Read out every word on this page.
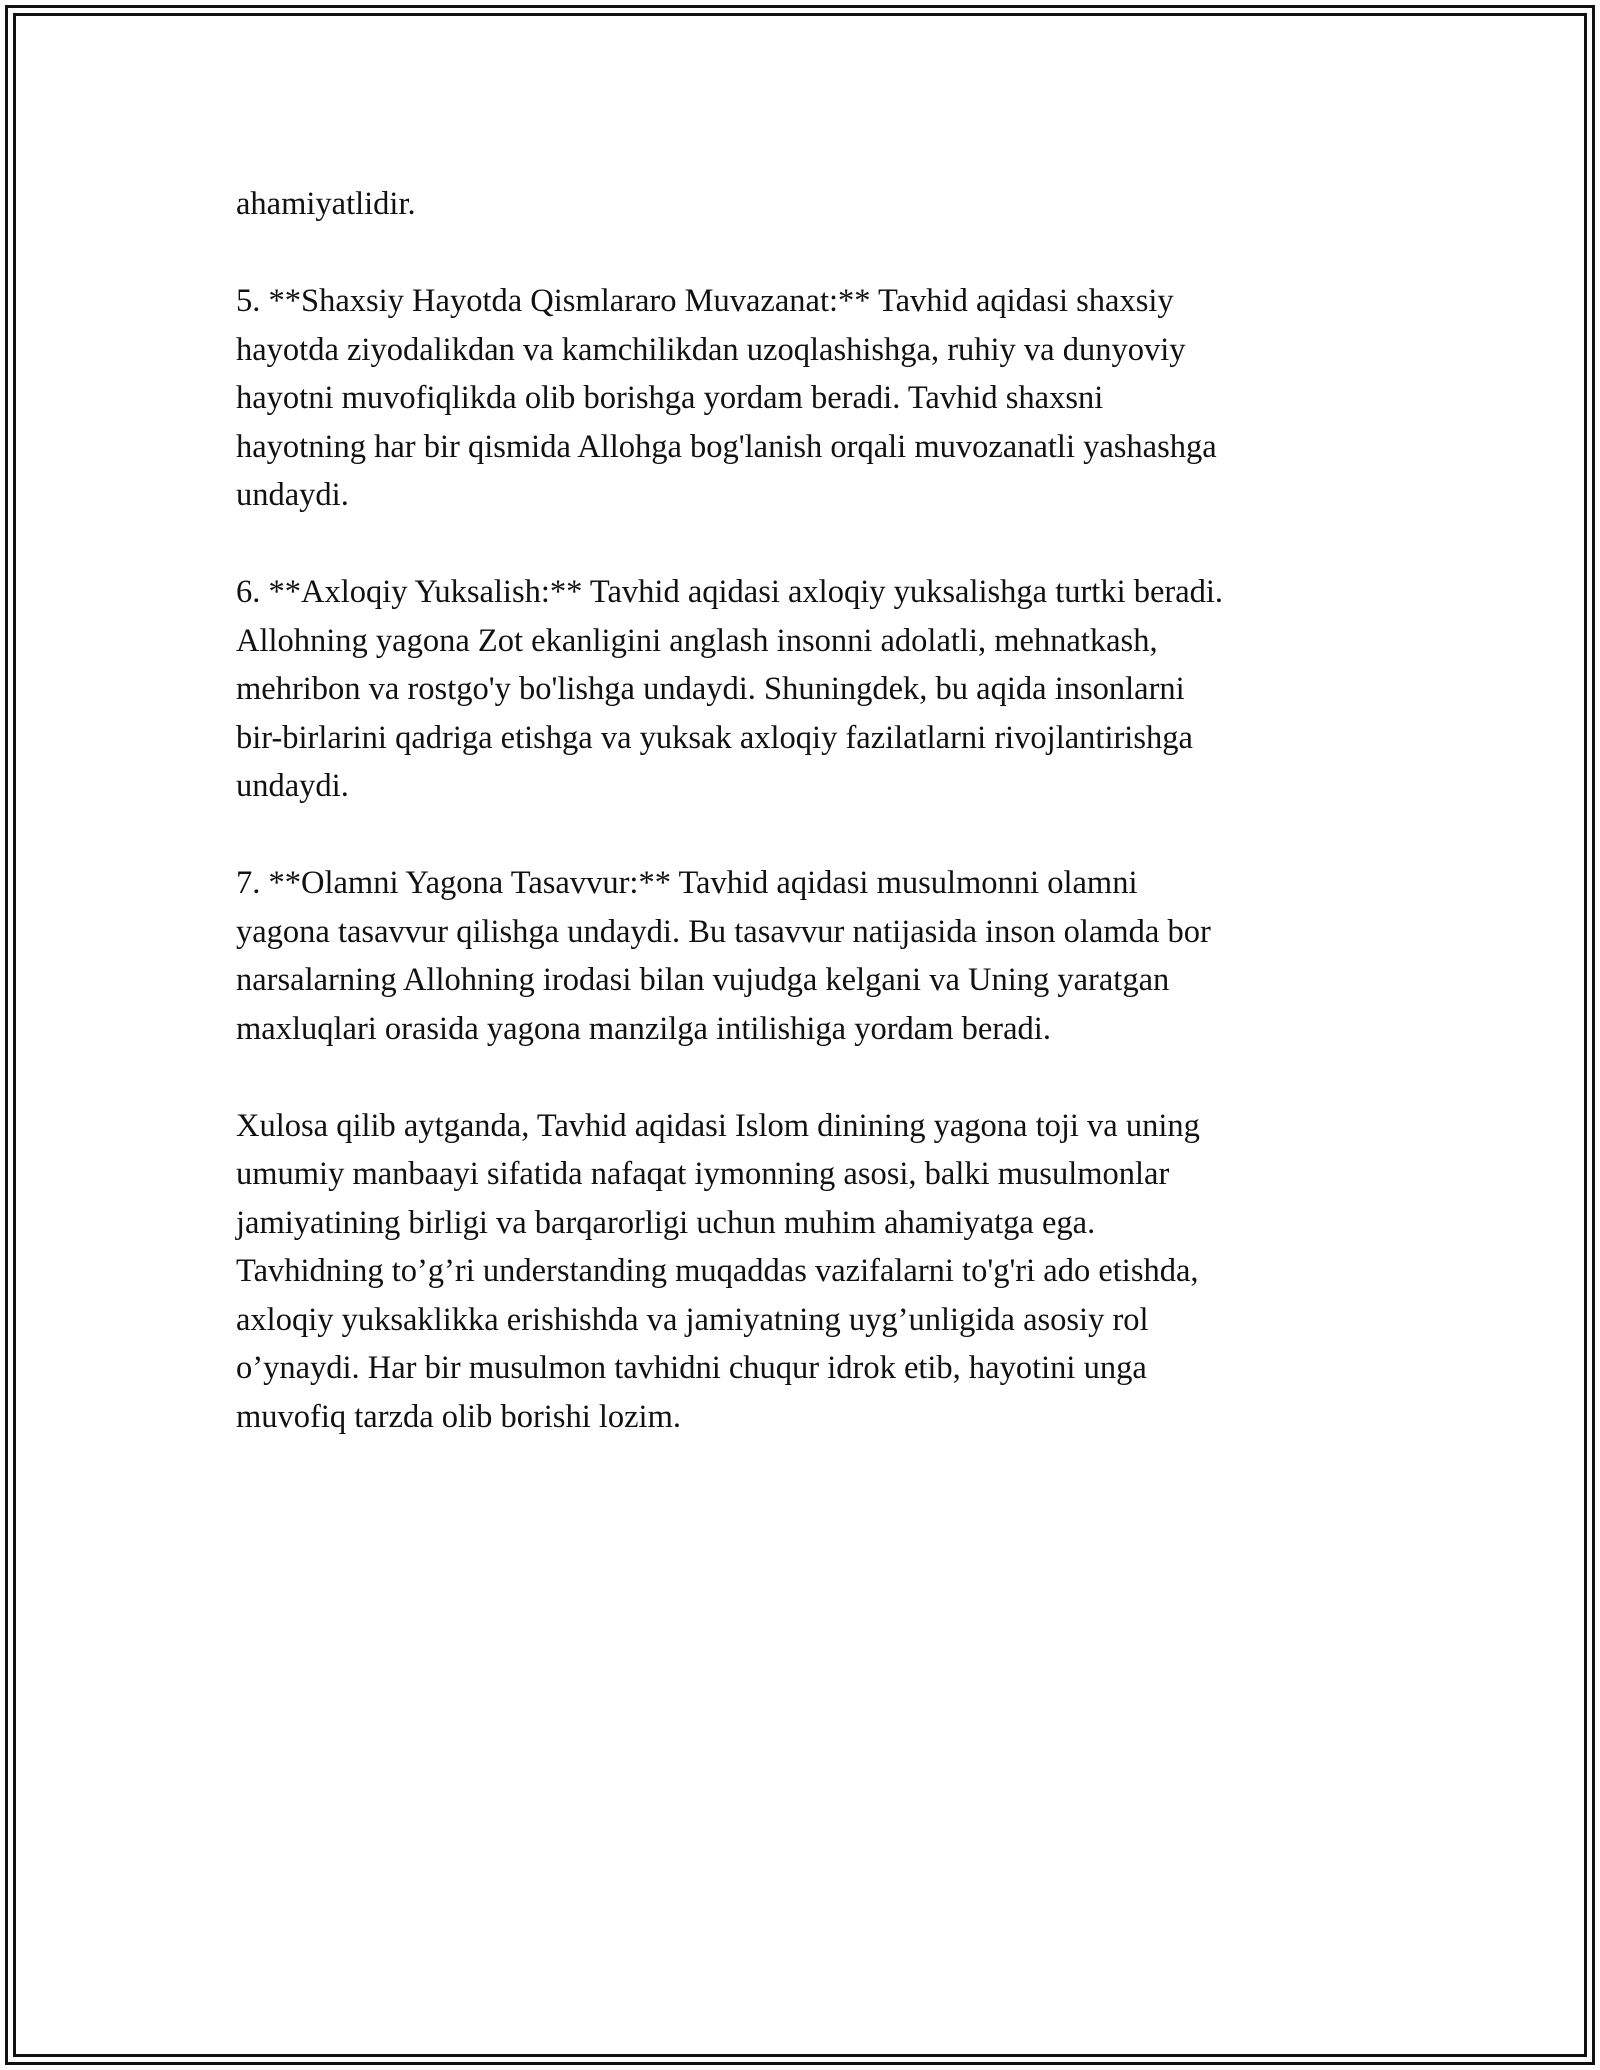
ahamiyatlidir.

5. **Shaxsiy Hayotda Qismlararo Muvazanat:** Tavhid aqidasi shaxsiy
hayotda ziyodalikdan va kamchilikdan uzoqlashishga, ruhiy va dunyoviy
hayotni muvofiqlikda olib borishga yordam beradi. Tavhid shaxsni
hayotning har bir qismida Allohga bog'lanish orqali muvozanatli yashashga
undaydi.

6. **Axloqiy Yuksalish:** Tavhid aqidasi axloqiy yuksalishga turtki beradi.
Allohning yagona Zot ekanligini anglash insonni adolatli, mehnatkash,
mehribon va rostgo'y bo'lishga undaydi. Shuningdek, bu aqida insonlarni
bir-birlarini qadriga etishga va yuksak axloqiy fazilatlarni rivojlantirishga
undaydi.

7. **Olamni Yagona Tasavvur:** Tavhid aqidasi musulmonni olamni
yagona tasavvur qilishga undaydi. Bu tasavvur natijasida inson olamda bor
narsalarning Allohning irodasi bilan vujudga kelgani va Uning yaratgan
maxluqlari orasida yagona manzilga intilishiga yordam beradi.

Xulosa qilib aytganda, Tavhid aqidasi Islom dinining yagona toji va uning
umumiy manbaayi sifatida nafaqat iymonning asosi, balki musulmonlar
jamiyatining birligi va barqarorligi uchun muhim ahamiyatga ega.
Tavhidning to’g’ri understanding muqaddas vazifalarni to'g'ri ado etishda,
axloqiy yuksaklikka erishishda va jamiyatning uyg’unligida asosiy rol
o’ynaydi. Har bir musulmon tavhidni chuqur idrok etib, hayotini unga
muvofiq tarzda olib borishi lozim.
